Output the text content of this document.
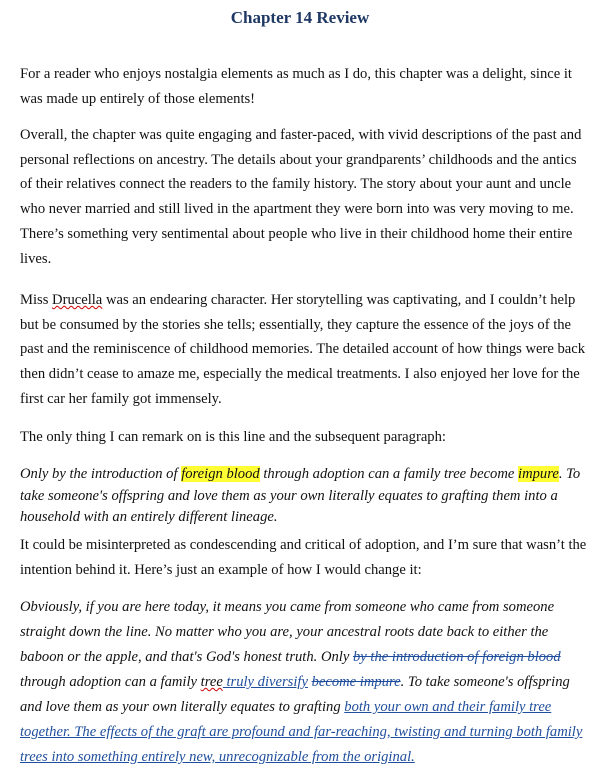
Chapter 14 Review

For a reader who enjoys nostalgia elements as much as I do, this chapter was a delight, since it
was made up entirely of those elements!

Overall, the chapter was quite engaging and faster-paced, with vivid descriptions of the past and
personal reflections on ancestry. The details about your grandparents’ childhoods and the antics
of their relatives connect the readers to the family history. The story about your aunt and uncle
who never married and still lived in the apartment they were born into was very moving to me.
There’s something very sentimental about people who live in their childhood home their entire
lives.

Miss Drucella was an endearing character. Her storytelling was captivating, and I couldn’t help
but be consumed by the stories she tells; essentially, they capture the essence of the joys of the
past and the reminiscence of childhood memories. The detailed account of how things were back
then didn’t cease to amaze me, especially the medical treatments. I also enjoyed her love for the
first car her family got immensely.

The only thing I can remark on is this line and the subsequent paragraph:

Only by the introduction of foreign blood through adoption can a family tree become impure. To
take someone's offspring and love them as your own literally equates to grafting them into a
household with an entirely different lineage.

It could be misinterpreted as condescending and critical of adoption, and I’m sure that wasn’t the
intention behind it. Here’s just an example of how I would change it:

Obviously, if you are here today, it means you came from someone who came from someone
straight down the line. No matter who you are, your ancestral roots date back to either the
baboon or the apple, and that's God's honest truth. Only by the introduction of foreign blood
through adoption can a family tree truly diversify become impure. To take someone's offspring
and love them as your own literally equates to grafting both your own and their family tree
together. The effects of the graft are profound and far-reaching, twisting and turning both family
trees into something entirely new, unrecognizable from the original.
